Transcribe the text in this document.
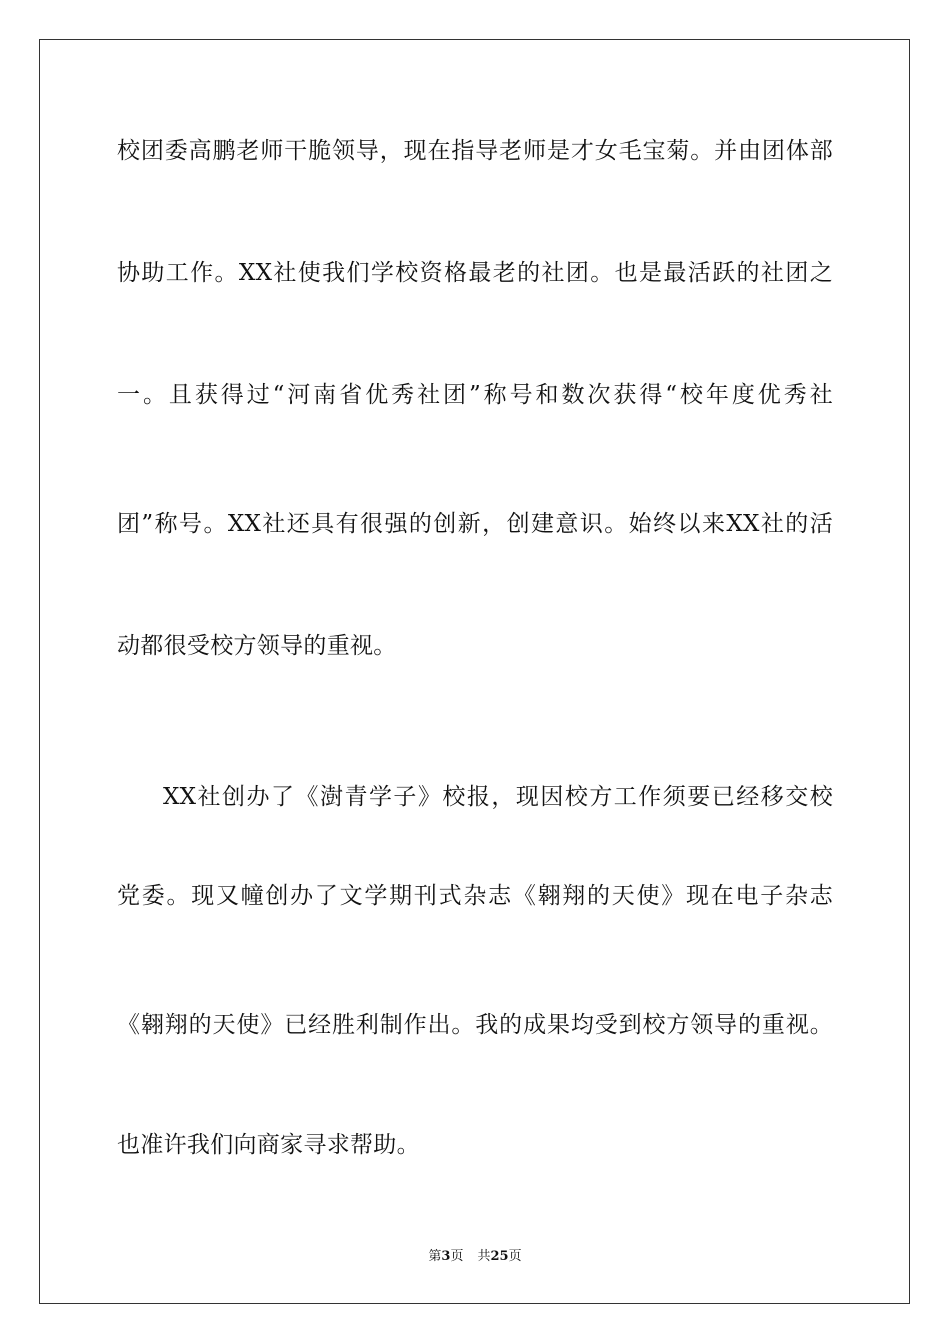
校团委高鹏老师干脆领导，现在指导老师是才女毛宝菊。并由团体部
协助工作。XX社使我们学校资格最老的社团。也是最活跃的社团之
一。且获得过“河南省优秀社团”称号和数次获得“校年度优秀社
团”称号。XX社还具有很强的创新，创建意识。始终以来XX社的活
动都很受校方领导的重视。
XX社创办了《澍青学子》校报，现因校方工作须要已经移交校
党委。现又幢创办了文学期刊式杂志《翱翔的天使》现在电子杂志
《翱翔的天使》已经胜利制作出。我的成果均受到校方领导的重视。
也准许我们向商家寻求帮助。
第3页 共25页
